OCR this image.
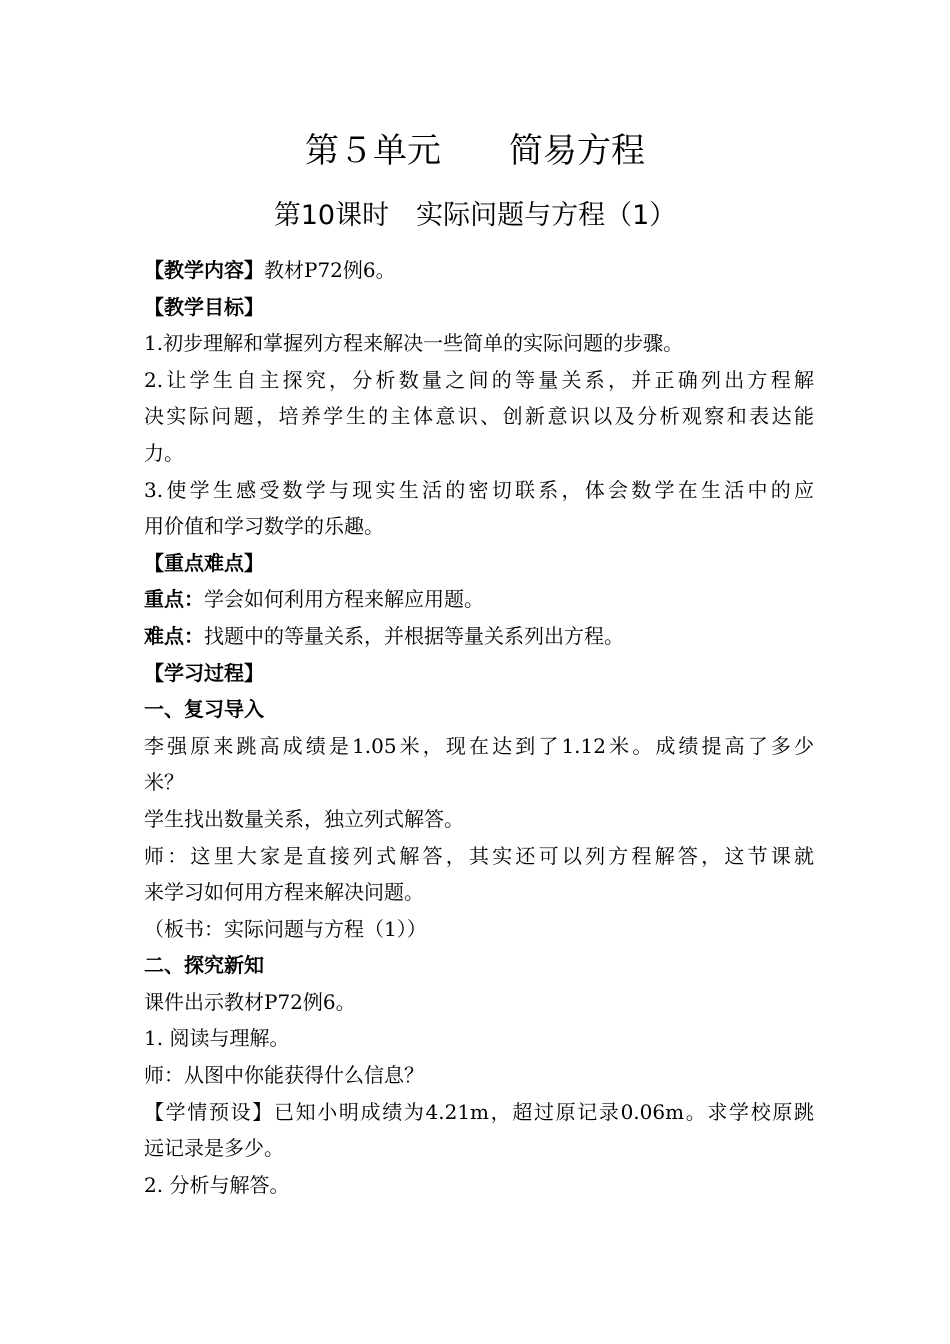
第５单元　　简易方程
第10课时　实际问题与方程（1）
【教学内容】教材P72例6。
【教学目标】
1.初步理解和掌握列方程来解决一些简单的实际问题的步骤。
2.让学生自主探究，分析数量之间的等量关系，并正确列出方程解
决实际问题，培养学生的主体意识、创新意识以及分析观察和表达能
力。
3.使学生感受数学与现实生活的密切联系，体会数学在生活中的应
用价值和学习数学的乐趣。
【重点难点】
重点：学会如何利用方程来解应用题。
难点：找题中的等量关系，并根据等量关系列出方程。
【学习过程】
一、复习导入
李强原来跳高成绩是1.05米，现在达到了1.12米。成绩提高了多少
米？
学生找出数量关系，独立列式解答。
师：这里大家是直接列式解答，其实还可以列方程解答，这节课就
来学习如何用方程来解决问题。
（板书：实际问题与方程（1））
二、探究新知
课件出示教材P72例6。
1. 阅读与理解。
师：从图中你能获得什么信息？
【学情预设】已知小明成绩为4.21m，超过原记录0.06m。求学校原跳
远记录是多少。
2. 分析与解答。
